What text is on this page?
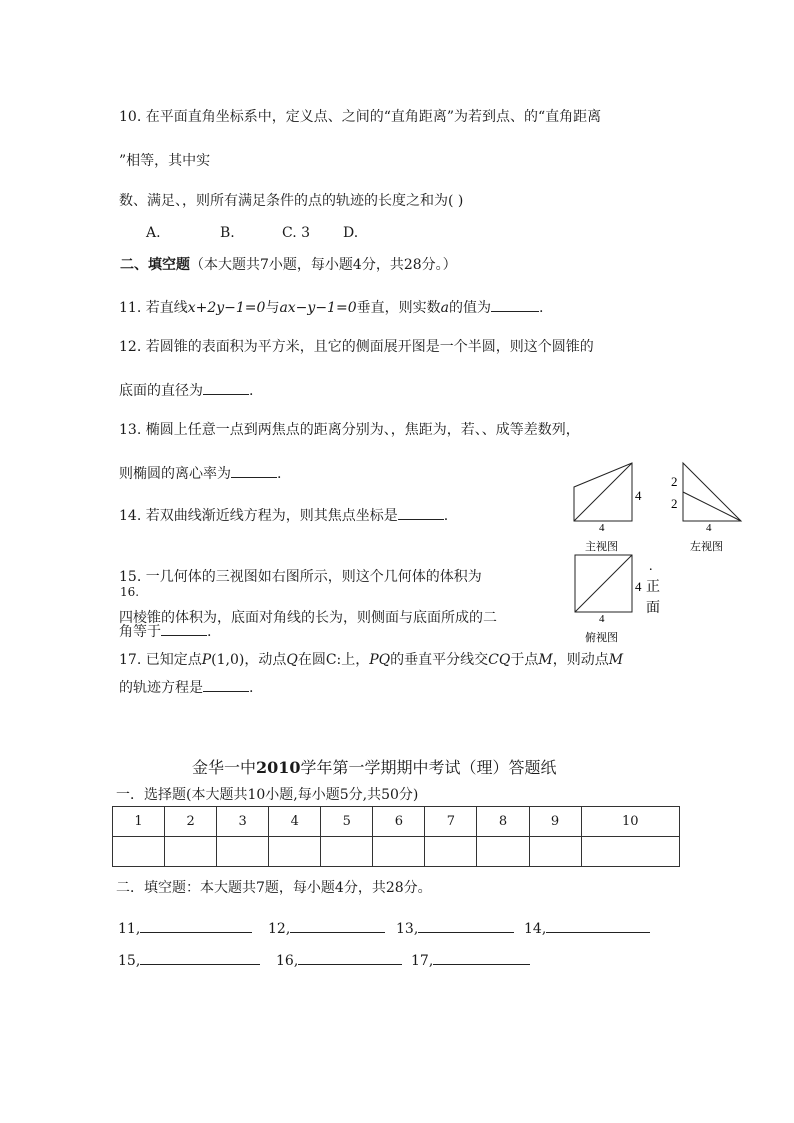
10. 在平面直角坐标系中，定义点、之间的“直角距离”为若到点、的“直角距离
”相等，其中实
数、满足、，则所有满足条件的点的轨迹的长度之和为( )
A.	B.	C. 3 D.
二、填空题（本大题共7小题，每小题4分，共28分。）
11. 若直线x+2y−1=0与ax−y−1=0垂直，则实数a的值为	.
12. 若圆锥的表面积为平方米，且它的侧面展开图是一个半圆，则这个圆锥的
底面的直径为	.
13. 椭圆上任意一点到两焦点的距离分别为、，焦距为，若、、成等差数列，
则椭圆的离心率为	.
14. 若双曲线渐近线方程为，则其焦点坐标是	.
15. 一几何体的三视图如右图所示，则这个几何体的体积为
16.
四棱锥的体积为，底面对角线的长为，则侧面与底面所成的二
角等于	.
17. 已知定点P(1,0)，动点Q在圆C:上，PQ的垂直平分线交CQ于点M，则动点M
的轨迹方程是	.
4
4
主视图
2
2
4
左视图
4
4
俯视图
.
正
面
金华一中2010学年第一学期期中考试（理）答题纸
一．选择题(本大题共10小题,每小题5分,共50分)
1	2	3	4	5	6	7	8	9	10

二．填空题：本大题共7题，每小题4分，共28分。
11,	12,	13,	14,
15,	16,	17,
